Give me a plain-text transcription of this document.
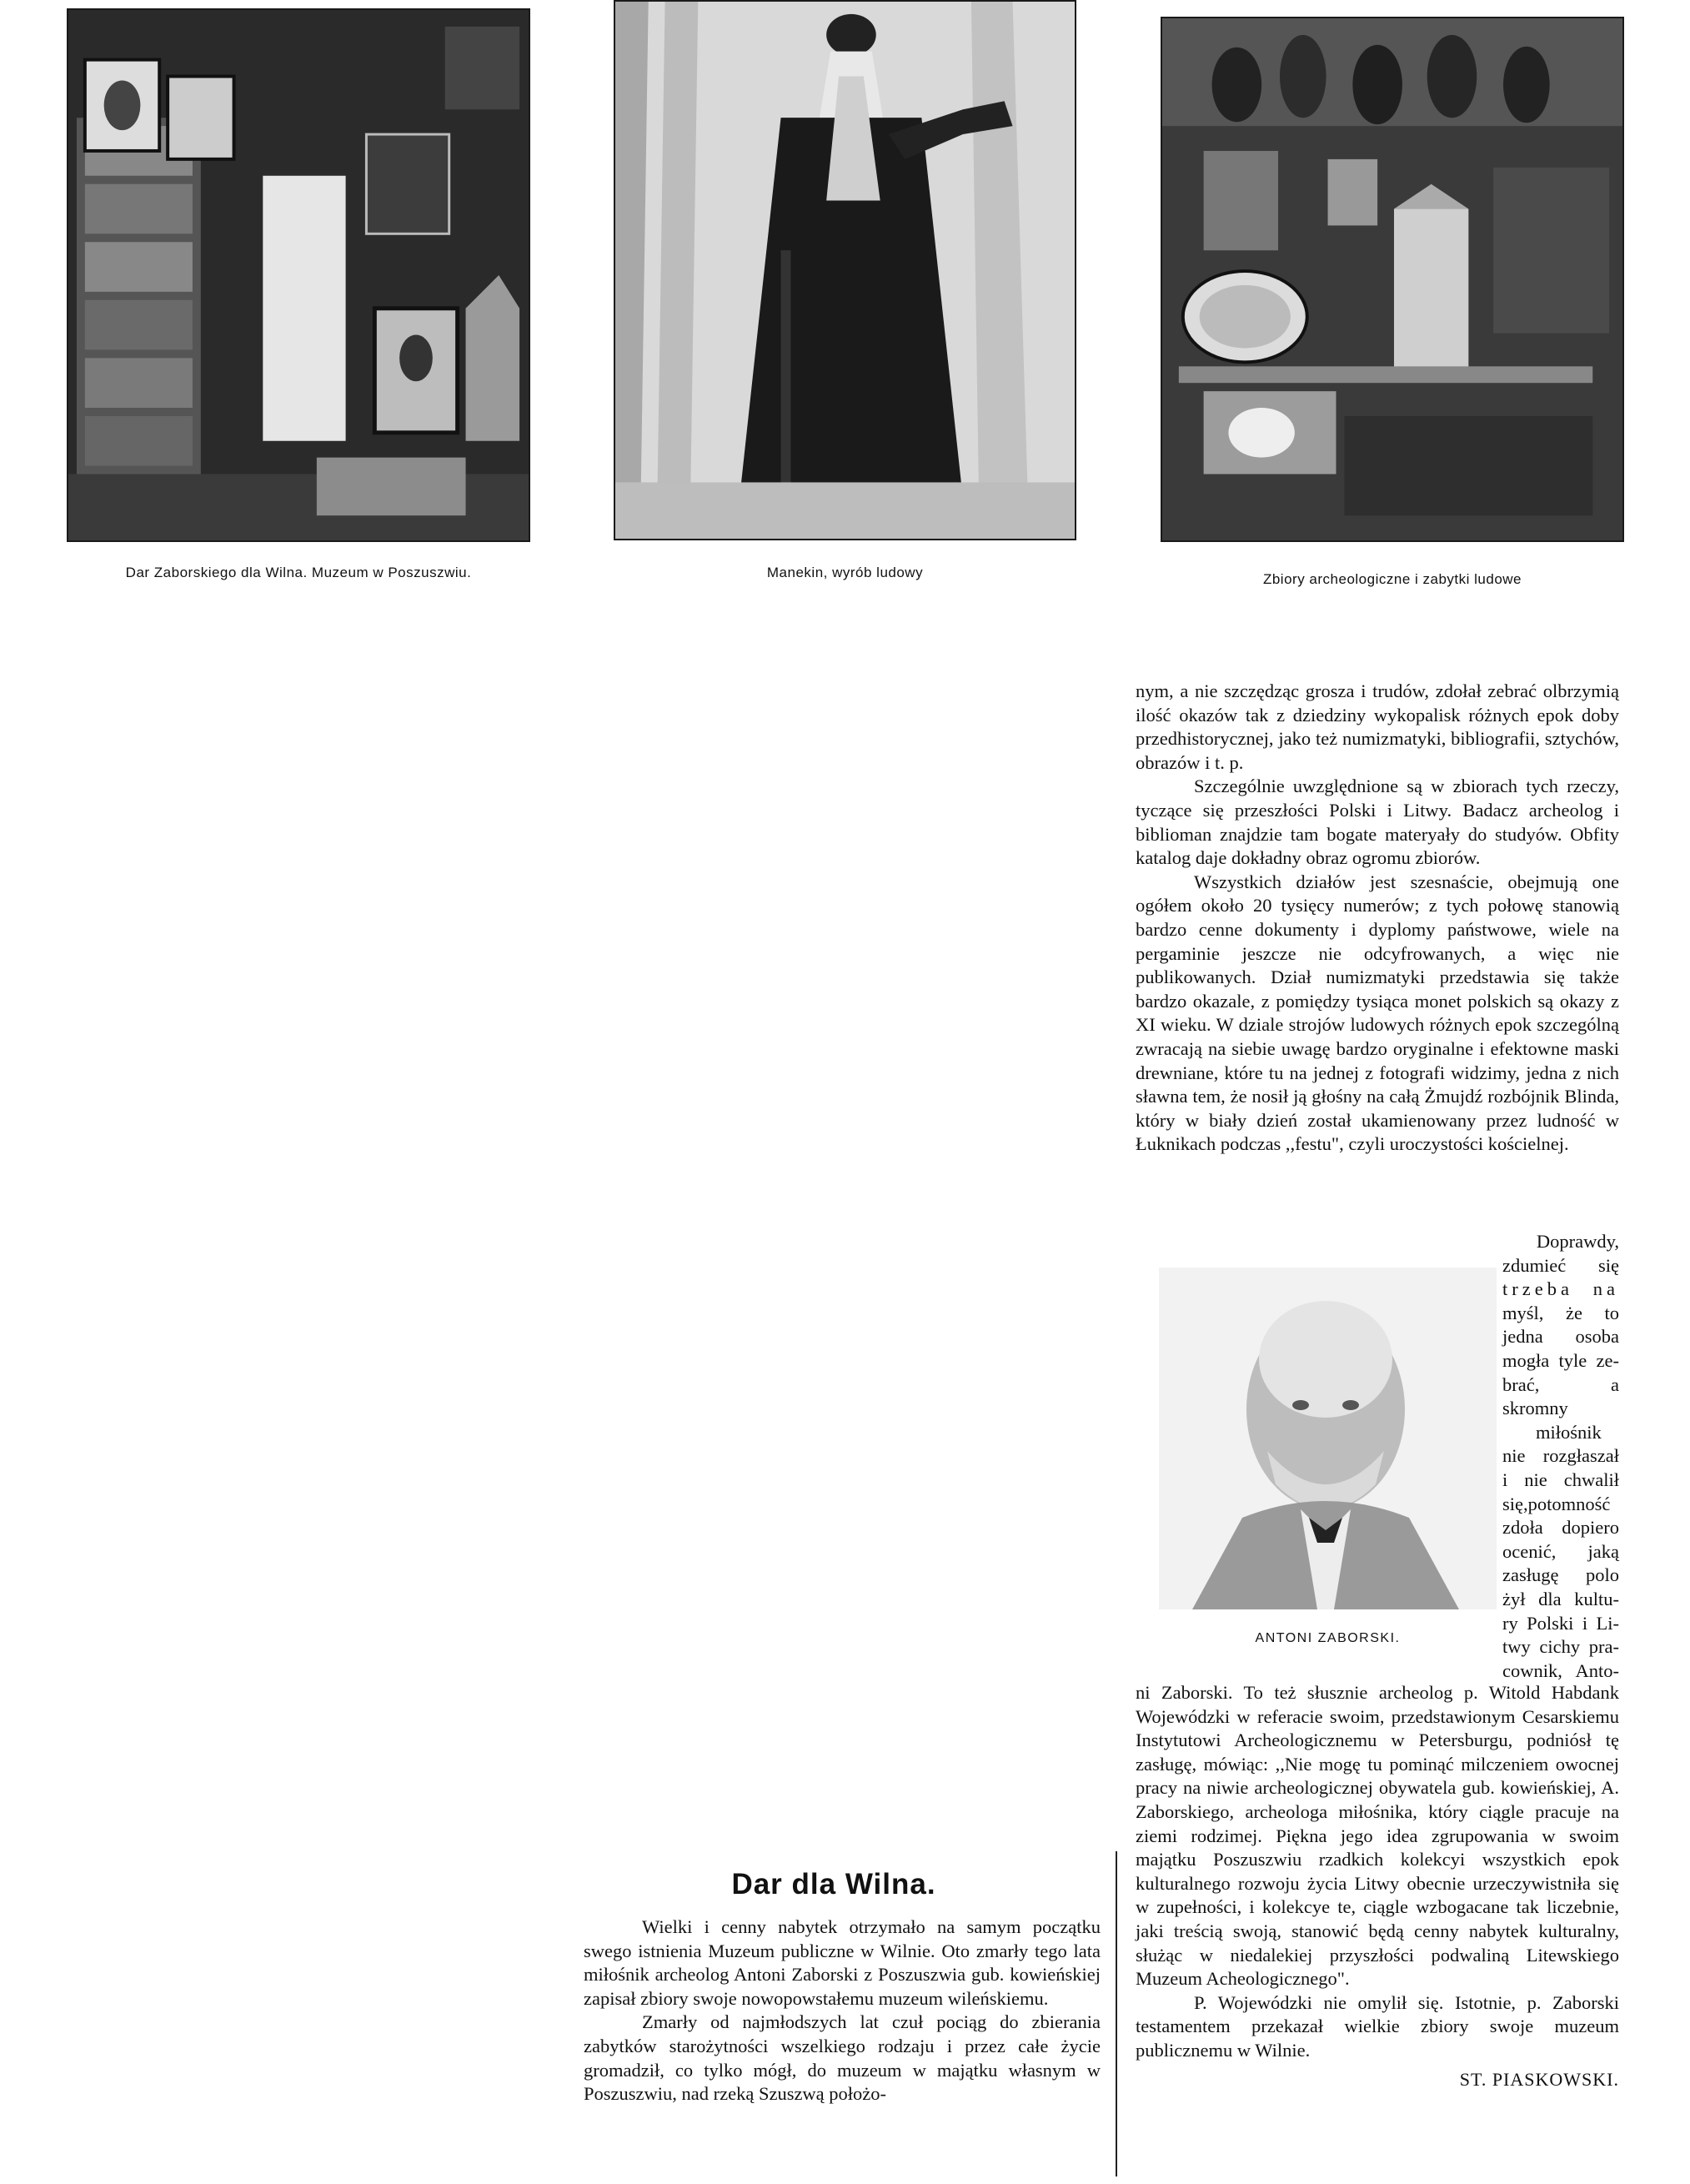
Dar Zaborskiego dla Wilna. Muzeum w Poszuszwiu.	Manekin, wyrób ludowy	Zbiory archeologiczne i zabytki ludowe
Dar dla Wilna.

Wielki i cenny nabytek otrzymało na samym początku swego istnienia Muzeum publiczne w Wilnie. Oto zmarły tego lata miłośnik archeolog Antoni Zaborski z Poszuszwia gub. kowieńskiej zapisał zbiory swoje nowopowstałemu muzeum wileńskiemu.

Zmarły od najmłodszych lat czuł pociąg do zbierania zabytków starożytności wszelkiego rodzaju i przez całe życie gromadził, co tylko mógł, do muzeum w majątku własnym w Poszuszwiu, nad rzeką Szuszwą położo-

nym, a nie szczędząc grosza i trudów, zdołał zebrać olbrzymią ilość okazów tak z dziedziny wykopalisk różnych epok doby przedhistorycznej, jako też numizmatyki, bibliografii, sztychów, obrazów i t. p.

Szczególnie uwzględnione są w zbiorach tych rzeczy, tyczące się przeszłości Polski i Litwy. Badacz archeolog i biblioman znajdzie tam bogate materyały do studyów. Obfity katalog daje dokładny obraz ogromu zbiorów.

Wszystkich działów jest szesnaście, obejmują one ogółem około 20 tysięcy numerów; z tych połowę stanowią bardzo cenne dokumenty i dyplomy państwowe, wiele na pergaminie jeszcze nie odcyfrowanych, a więc nie publikowanych. Dział numizmatyki przedstawia się także bardzo okazale, z pomiędzy tysiąca monet polskich są okazy z XI wieku. W dziale strojów ludowych różnych epok szczególną zwracają na siebie uwagę bardzo oryginalne i efektowne maski drewniane, które tu na jednej z fotografi widzimy, jedna z nich sławna tem, że nosił ją głośny na całą Żmujdź rozbójnik Blinda, który w biały dzień został ukamienowany przez ludność w Łuknikach podczas ,,festu", czyli uroczystości kościelnej.

ANTONI ZABORSKI.
Doprawdy,
zdumieć się
trzeba na
myśl, że to
jedna osoba
mogła tyle ze-
brać, a skromny
miłośnik
nie rozgłaszał
i nie chwalił
się,potomność
zdoła dopiero
ocenić, jaką
zasługę polo
żył dla kultu-
ry Polski i Li-
twy cichy pra-
cownik, Anto-

ni Zaborski. To też słusznie archeolog p. Witold Habdank Wojewódzki w referacie swoim, przedstawionym Cesarskiemu Instytutowi Archeologicznemu w Petersburgu, podniósł tę zasługę, mówiąc: ,,Nie mogę tu pominąć milczeniem owocnej pracy na niwie archeologicznej obywatela gub. kowieńskiej, A. Zaborskiego, archeologa miłośnika, który ciągle pracuje na ziemi rodzimej. Piękna jego idea zgrupowania w swoim majątku Poszuszwiu rzadkich kolekcyi wszystkich epok kulturalnego rozwoju życia Litwy obecnie urzeczywistniła się w zupełności, i kolekcye te, ciągle wzbogacane tak liczebnie, jaki treścią swoją, stanowić będą cenny nabytek kulturalny, służąc w niedalekiej przyszłości podwaliną Litewskiego Muzeum Acheologicznego".

P. Wojewódzki nie omylił się. Istotnie, p. Zaborski testamentem przekazał wielkie zbiory swoje muzeum publicznemu w Wilnie.

ST. PIASKOWSKI.
